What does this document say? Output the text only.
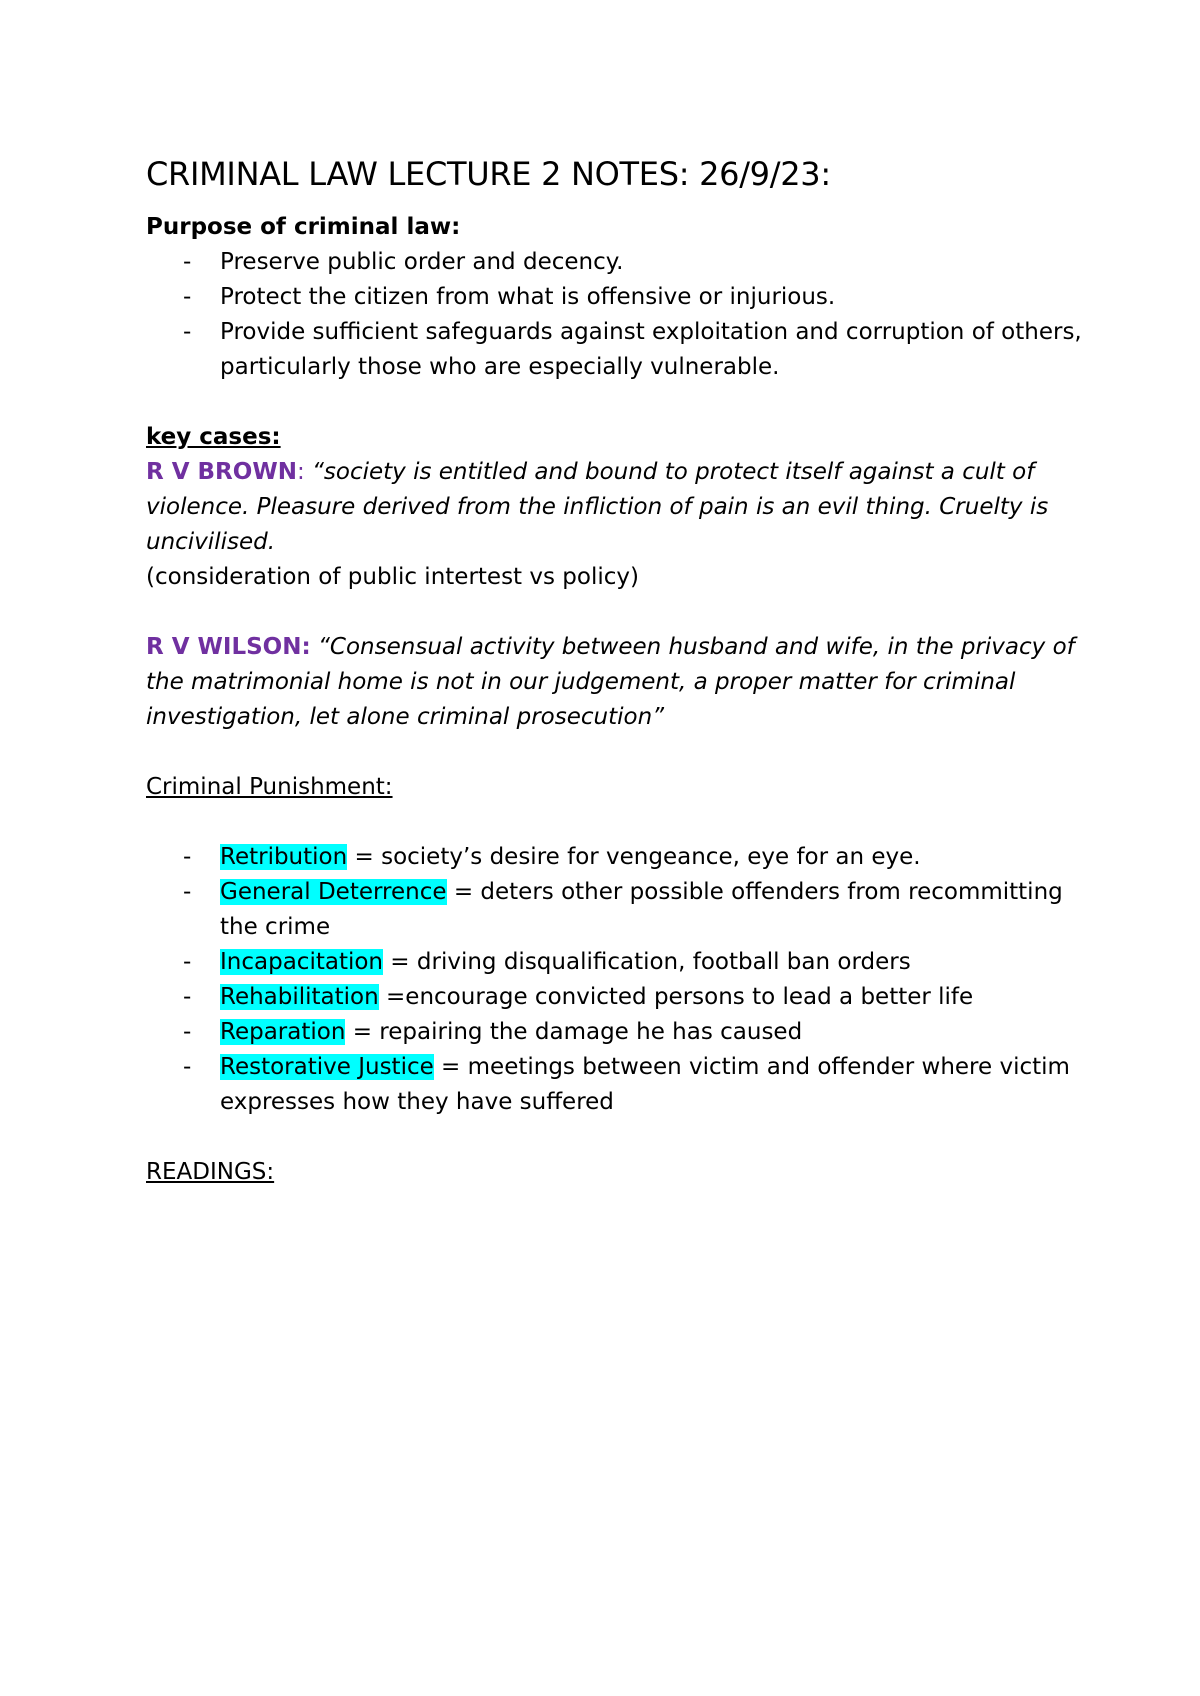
CRIMINAL LAW LECTURE 2 NOTES: 26/9/23:
Purpose of criminal law:
- Preserve public order and decency.
- Protect the citizen from what is offensive or injurious.
- Provide sufficient safeguards against exploitation and corruption of others, particularly those who are especially vulnerable.
key cases:
R V BROWN: “society is entitled and bound to protect itself against a cult of violence. Pleasure derived from the infliction of pain is an evil thing. Cruelty is uncivilised.
(consideration of public intertest vs policy)
R V WILSON: “Consensual activity between husband and wife, in the privacy of the matrimonial home is not in our judgement, a proper matter for criminal investigation, let alone criminal prosecution”
Criminal Punishment:
- Retribution = society’s desire for vengeance, eye for an eye.
- General Deterrence = deters other possible offenders from recommitting the crime
- Incapacitation = driving disqualification, football ban orders
- Rehabilitation =encourage convicted persons to lead a better life
- Reparation = repairing the damage he has caused
- Restorative Justice = meetings between victim and offender where victim expresses how they have suffered
READINGS:
